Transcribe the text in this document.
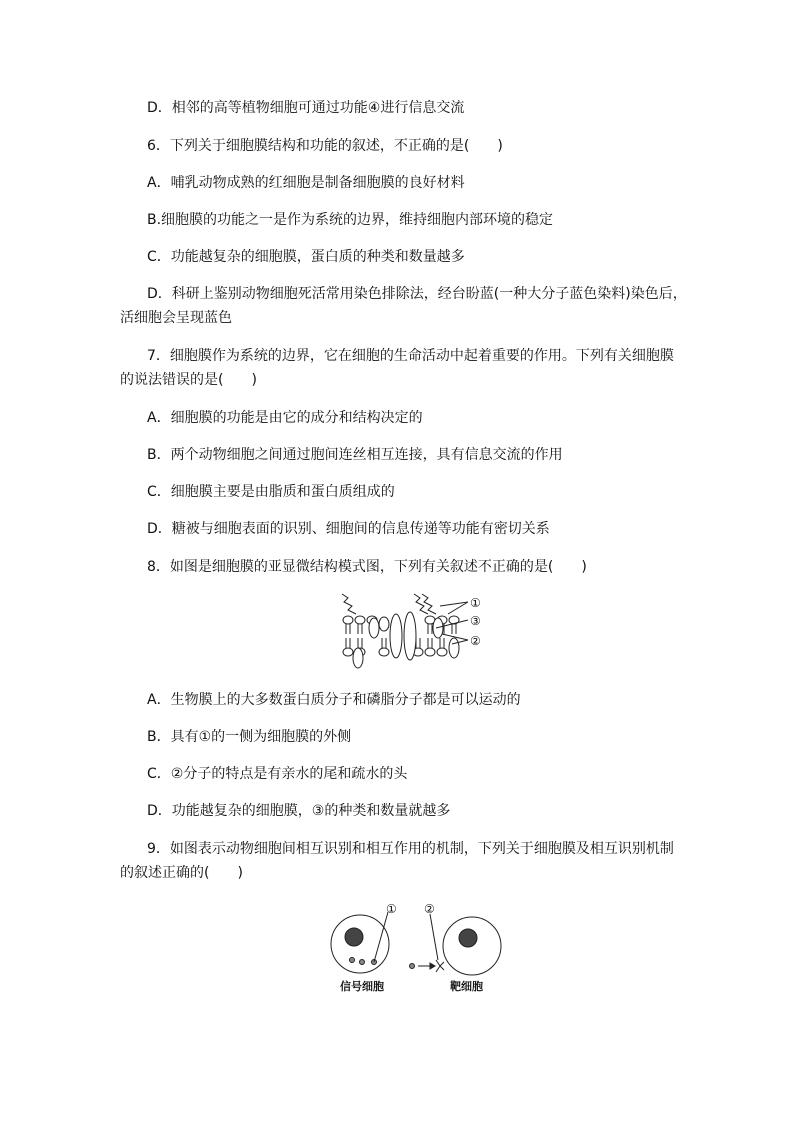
D．相邻的高等植物细胞可通过功能④进行信息交流
6．下列关于细胞膜结构和功能的叙述，不正确的是(　　)
A．哺乳动物成熟的红细胞是制备细胞膜的良好材料
B.细胞膜的功能之一是作为系统的边界，维持细胞内部环境的稳定
C．功能越复杂的细胞膜，蛋白质的种类和数量越多
D．科研上鉴别动物细胞死活常用染色排除法，经台盼蓝(一种大分子蓝色染料)染色后，
活细胞会呈现蓝色
7．细胞膜作为系统的边界，它在细胞的生命活动中起着重要的作用。下列有关细胞膜
的说法错误的是(　　)
A．细胞膜的功能是由它的成分和结构决定的
B．两个动物细胞之间通过胞间连丝相互连接，具有信息交流的作用
C．细胞膜主要是由脂质和蛋白质组成的
D．糖被与细胞表面的识别、细胞间的信息传递等功能有密切关系
8．如图是细胞膜的亚显微结构模式图，下列有关叙述不正确的是(　　)
①
③
②
A．生物膜上的大多数蛋白质分子和磷脂分子都是可以运动的
B．具有①的一侧为细胞膜的外侧
C．②分子的特点是有亲水的尾和疏水的头
D．功能越复杂的细胞膜，③的种类和数量就越多
9．如图表示动物细胞间相互识别和相互作用的机制，下列关于细胞膜及相互识别机制
的叙述正确的(　　)
① ②
信号细胞	靶细胞
